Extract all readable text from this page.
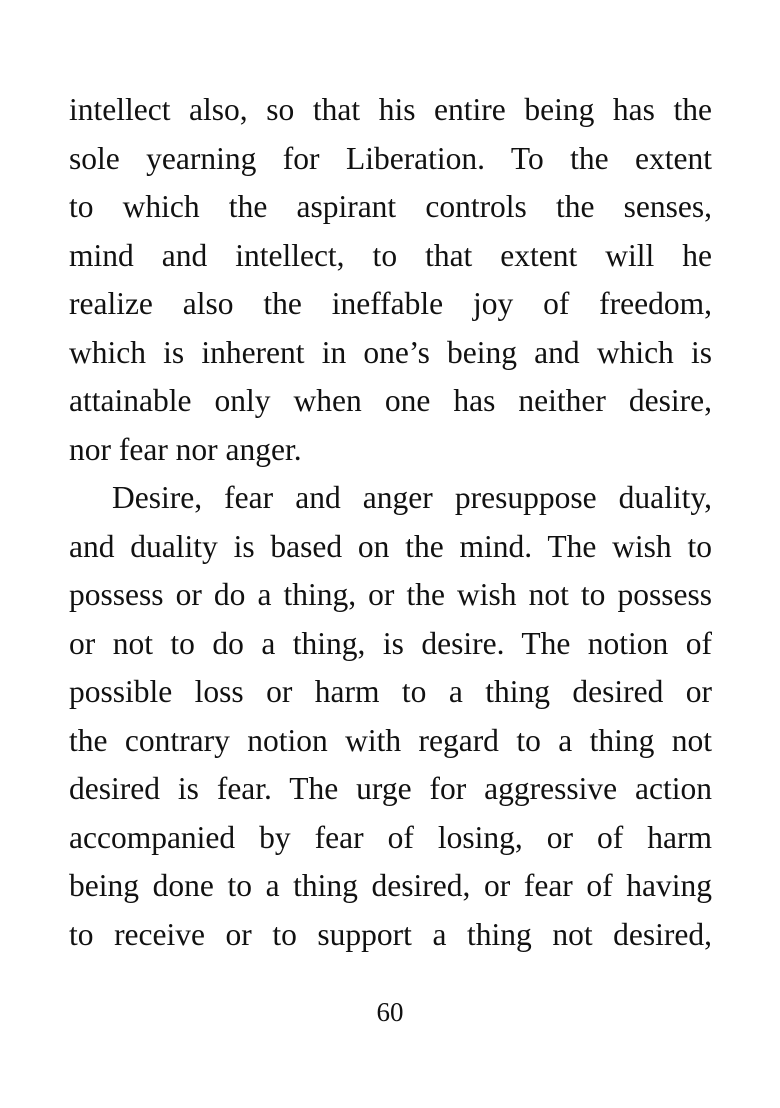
intellect also, so that his entire being has the
sole yearning for Liberation. To the extent
to which the aspirant controls the senses,
mind and intellect, to that extent will he
realize also the ineffable joy of freedom,
which is inherent in one’s being and which is
attainable only when one has neither desire,
nor fear nor anger.
Desire, fear and anger presuppose duality,
and duality is based on the mind. The wish to
possess or do a thing, or the wish not to possess
or not to do a thing, is desire. The notion of
possible loss or harm to a thing desired or
the contrary notion with regard to a thing not
desired is fear. The urge for aggressive action
accompanied by fear of losing, or of harm
being done to a thing desired, or fear of having
to receive or to support a thing not desired,
60
